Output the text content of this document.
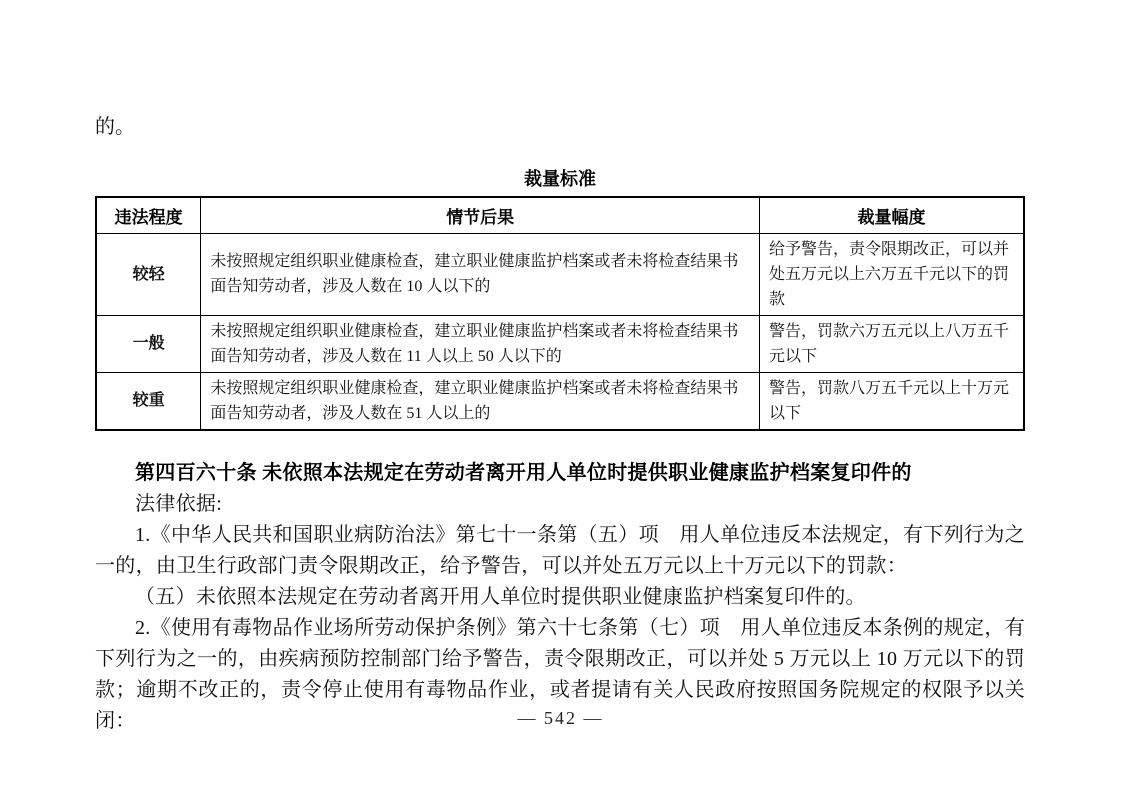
的。
裁量标准
违法程度	情节后果	裁量幅度
较轻	未按照规定组织职业健康检查，建立职业健康监护档案或者未将检查结果书面告知劳动者，涉及人数在 10 人以下的	给予警告，责令限期改正，可以并处五万元以上六万五千元以下的罚款
一般	未按照规定组织职业健康检查，建立职业健康监护档案或者未将检查结果书面告知劳动者，涉及人数在 11 人以上 50 人以下的	警告，罚款六万五元以上八万五千元以下
较重	未按照规定组织职业健康检查，建立职业健康监护档案或者未将检查结果书面告知劳动者，涉及人数在 51 人以上的	警告，罚款八万五千元以上十万元以下

第四百六十条 未依照本法规定在劳动者离开用人单位时提供职业健康监护档案复印件的

法律依据:

1.《中华人民共和国职业病防治法》第七十一条第（五）项　用人单位违反本法规定，有下列行为之一的，由卫生行政部门责令限期改正，给予警告，可以并处五万元以上十万元以下的罚款：

（五）未依照本法规定在劳动者离开用人单位时提供职业健康监护档案复印件的。

2.《使用有毒物品作业场所劳动保护条例》第六十七条第（七）项　用人单位违反本条例的规定，有下列行为之一的，由疾病预防控制部门给予警告，责令限期改正，可以并处 5 万元以上 10 万元以下的罚款；逾期不改正的，责令停止使用有毒物品作业，或者提请有关人民政府按照国务院规定的权限予以关闭：	— 542 —
